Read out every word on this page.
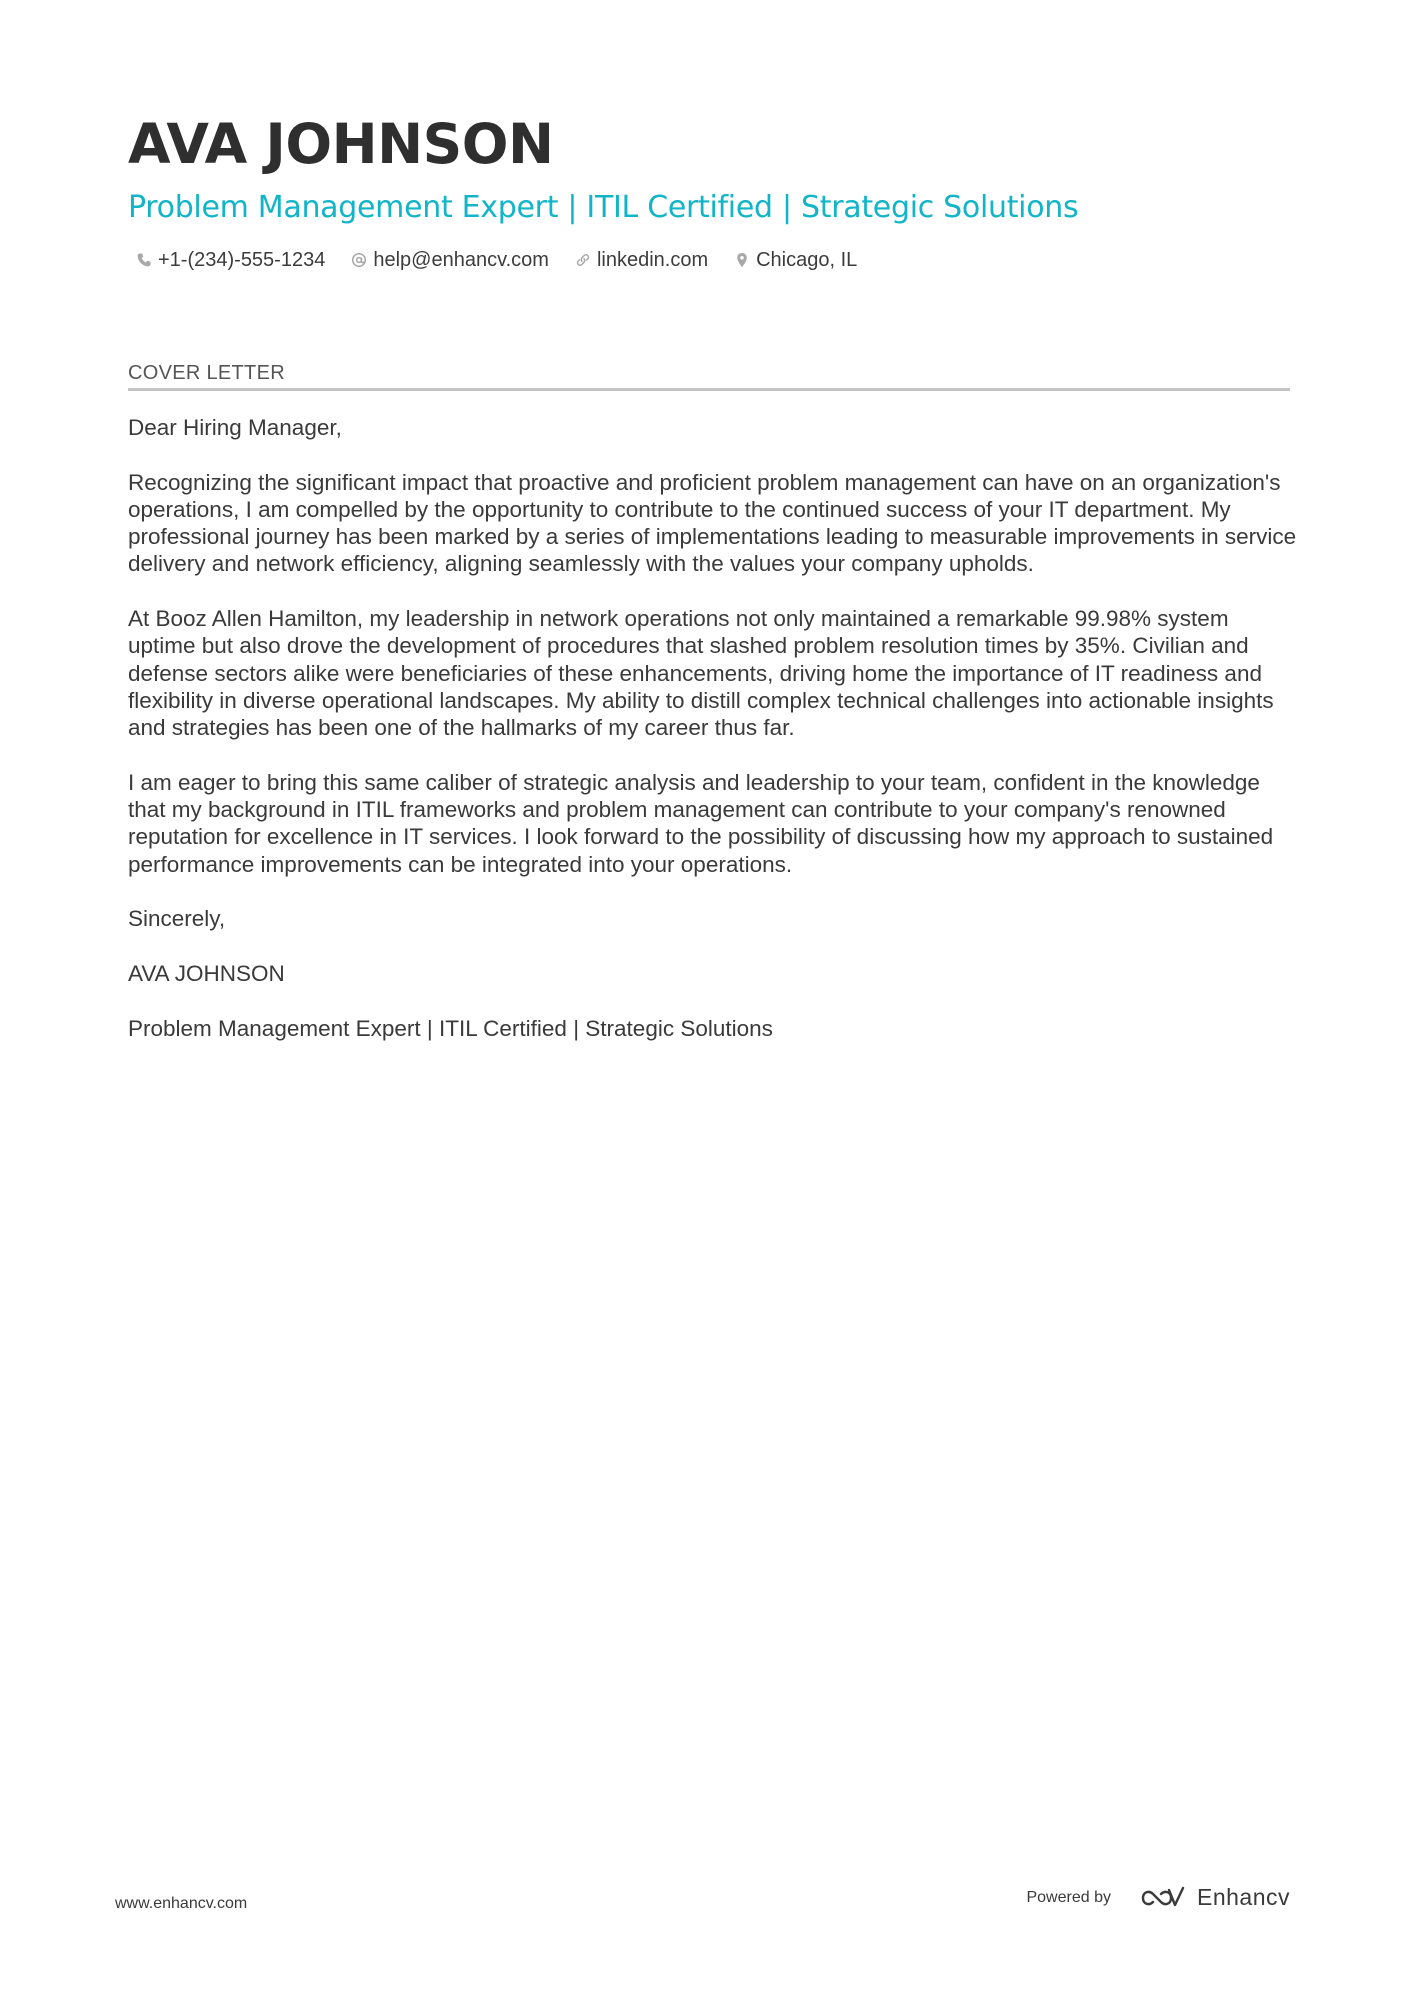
AVA JOHNSON
Problem Management Expert | ITIL Certified | Strategic Solutions
+1-(234)-555-1234 help@enhancv.com linkedin.com Chicago, IL
COVER LETTER

Dear Hiring Manager,

Recognizing the significant impact that proactive and proficient problem management can have on an organization's operations, I am compelled by the opportunity to contribute to the continued success of your IT department. My professional journey has been marked by a series of implementations leading to measurable improvements in service delivery and network efficiency, aligning seamlessly with the values your company upholds.

At Booz Allen Hamilton, my leadership in network operations not only maintained a remarkable 99.98% system uptime but also drove the development of procedures that slashed problem resolution times by 35%. Civilian and defense sectors alike were beneficiaries of these enhancements, driving home the importance of IT readiness and flexibility in diverse operational landscapes. My ability to distill complex technical challenges into actionable insights and strategies has been one of the hallmarks of my career thus far.

I am eager to bring this same caliber of strategic analysis and leadership to your team, confident in the knowledge that my background in ITIL frameworks and problem management can contribute to your company's renowned reputation for excellence in IT services. I look forward to the possibility of discussing how my approach to sustained performance improvements can be integrated into your operations.

Sincerely,

AVA JOHNSON

Problem Management Expert | ITIL Certified | Strategic Solutions

www.enhancv.com	Powered by	Enhancv
